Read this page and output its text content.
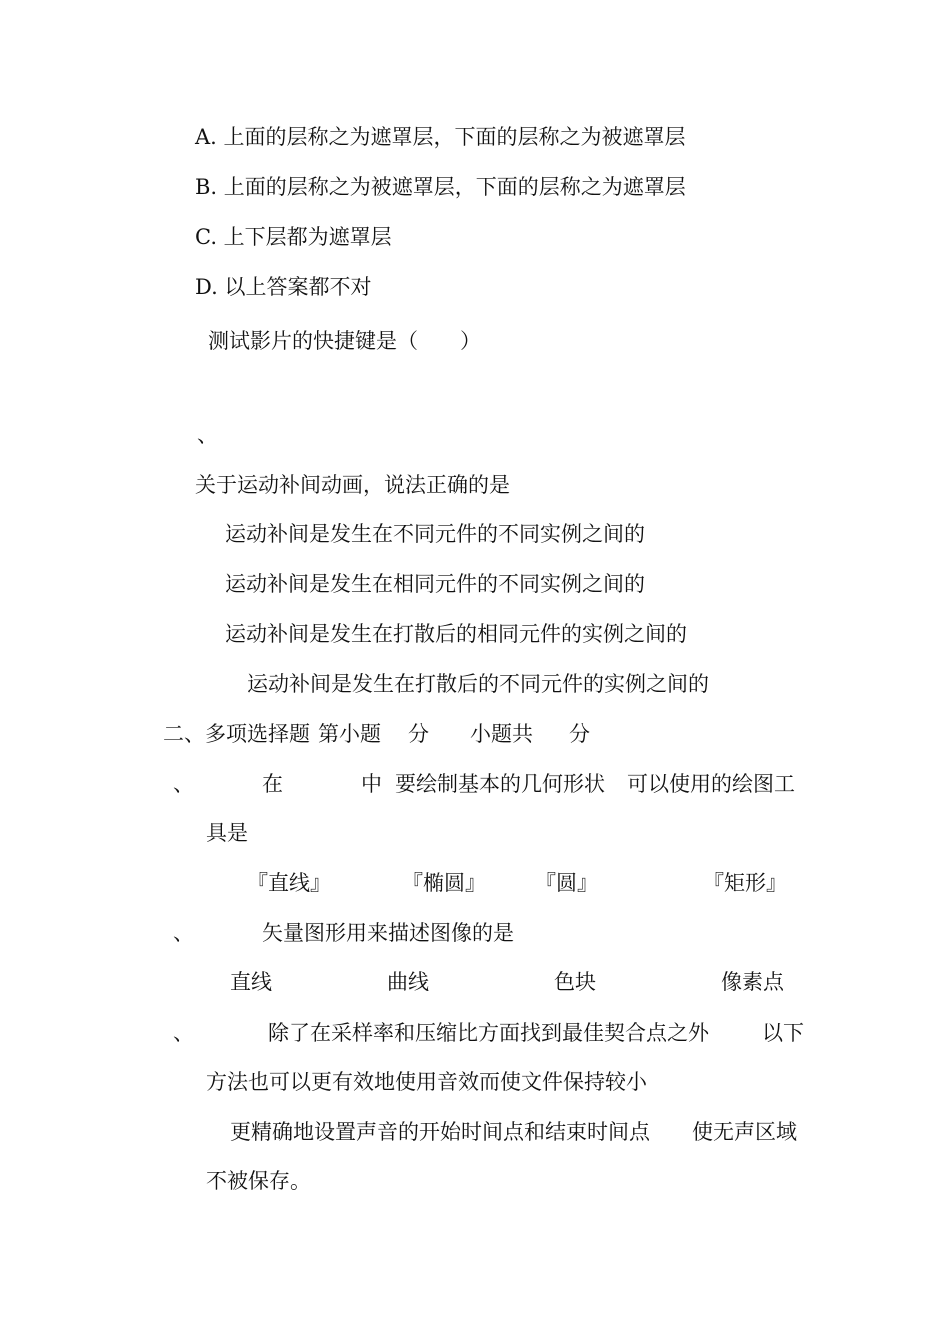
A. 上面的层称之为遮罩层，下面的层称之为被遮罩层
B. 上面的层称之为被遮罩层，下面的层称之为遮罩层
C. 上下层都为遮罩层
D. 以上答案都不对
测试影片的快捷键是（　　）
、
关于运动补间动画，说法正确的是
运动补间是发生在不同元件的不同实例之间的
运动补间是发生在相同元件的不同实例之间的
运动补间是发生在打散后的相同元件的实例之间的
运动补间是发生在打散后的不同元件的实例之间的
二、多项选择题 第小题 分 小题共 分
、	在	中 要绘制基本的几何形状 可以使用的绘图工
具是
『直线』	『椭圆』 『圆』	『矩形』
、	矢量图形用来描述图像的是
直线	曲线	色块	像素点
、	除了在采样率和压缩比方面找到最佳契合点之外	以下
方法也可以更有效地使用音效而使文件保持较小
更精确地设置声音的开始时间点和结束时间点 使无声区域
不被保存。
